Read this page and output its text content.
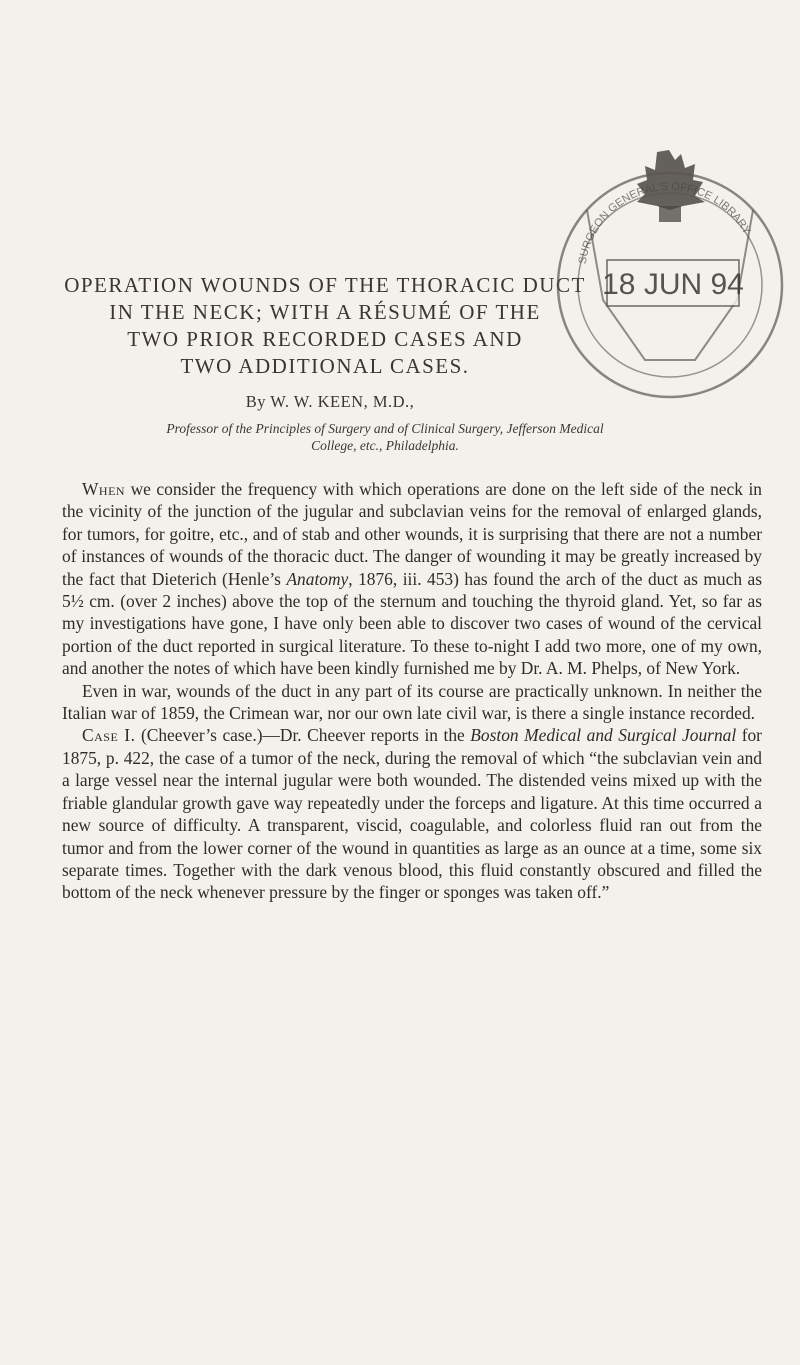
OPERATION WOUNDS OF THE THORACIC DUCT
IN THE NECK; WITH A RÉSUMÉ OF THE
TWO PRIOR RECORDED CASES AND
TWO ADDITIONAL CASES.
By W. W. KEEN, M.D.,
Professor of the Principles of Surgery and of Clinical Surgery, Jefferson Medical
College, etc., Philadelphia.
SURGEON GENERAL'S OFFICE LIBRARY
18 JUN 94

When we consider the frequency with which operations are done on the left side of the neck in the vicinity of the junction of the jugular and subclavian veins for the removal of enlarged glands, for tumors, for goitre, etc., and of stab and other wounds, it is surprising that there are not a number of instances of wounds of the thoracic duct. The danger of wounding it may be greatly increased by the fact that Dieterich (Henle’s Anatomy, 1876, iii. 453) has found the arch of the duct as much as 5½ cm. (over 2 inches) above the top of the sternum and touching the thyroid gland. Yet, so far as my investigations have gone, I have only been able to discover two cases of wound of the cervical portion of the duct reported in surgical literature. To these to-night I add two more, one of my own, and another the notes of which have been kindly furnished me by Dr. A. M. Phelps, of New York.

Even in war, wounds of the duct in any part of its course are practically unknown. In neither the Italian war of 1859, the Crimean war, nor our own late civil war, is there a single instance recorded.

Case I. (Cheever’s case.)—Dr. Cheever reports in the Boston Medical and Surgical Journal for 1875, p. 422, the case of a tumor of the neck, during the removal of which “the subclavian vein and a large vessel near the internal jugular were both wounded. The distended veins mixed up with the friable glandular growth gave way repeatedly under the forceps and ligature. At this time occurred a new source of difficulty. A transparent, viscid, coagulable, and colorless fluid ran out from the tumor and from the lower corner of the wound in quantities as large as an ounce at a time, some six separate times. Together with the dark venous blood, this fluid constantly obscured and filled the bottom of the neck whenever pressure by the finger or sponges was taken off.”
